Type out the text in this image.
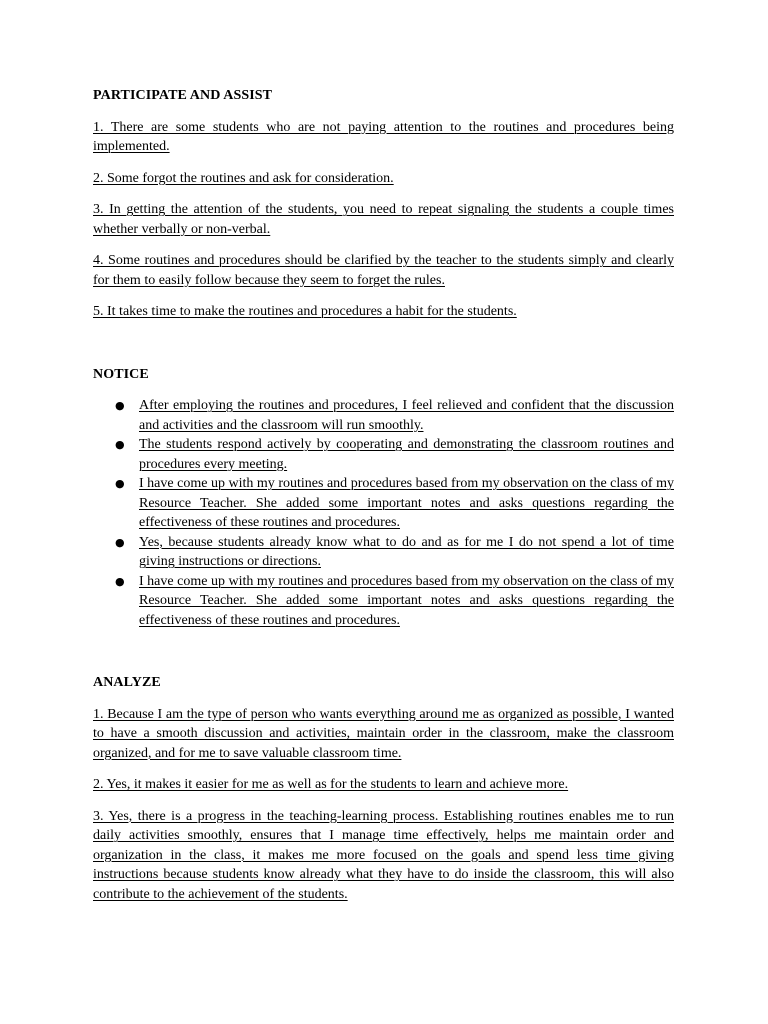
PARTICIPATE AND ASSIST

1. There are some students who are not paying attention to the routines and procedures being implemented.

2. Some forgot the routines and ask for consideration.

3. In getting the attention of the students, you need to repeat signaling the students a couple times whether verbally or non-verbal.

4. Some routines and procedures should be clarified by the teacher to the students simply and clearly for them to easily follow because they seem to forget the rules.

5. It takes time to make the routines and procedures a habit for the students.

NOTICE
● After employing the routines and procedures, I feel relieved and confident that the discussion and activities and the classroom will run smoothly.
● The students respond actively by cooperating and demonstrating the classroom routines and procedures every meeting.
● I have come up with my routines and procedures based from my observation on the class of my Resource Teacher. She added some important notes and asks questions regarding the effectiveness of these routines and procedures.
● Yes, because students already know what to do and as for me I do not spend a lot of time giving instructions or directions.
● I have come up with my routines and procedures based from my observation on the class of my Resource Teacher. She added some important notes and asks questions regarding the effectiveness of these routines and procedures.
ANALYZE

1. Because I am the type of person who wants everything around me as organized as possible, I wanted to have a smooth discussion and activities, maintain order in the classroom, make the classroom organized, and for me to save valuable classroom time.

2. Yes, it makes it easier for me as well as for the students to learn and achieve more.

3. Yes, there is a progress in the teaching-learning process. Establishing routines enables me to run daily activities smoothly, ensures that I manage time effectively, helps me maintain order and organization in the class, it makes me more focused on the goals and spend less time giving instructions because students know already what they have to do inside the classroom, this will also contribute to the achievement of the students.
